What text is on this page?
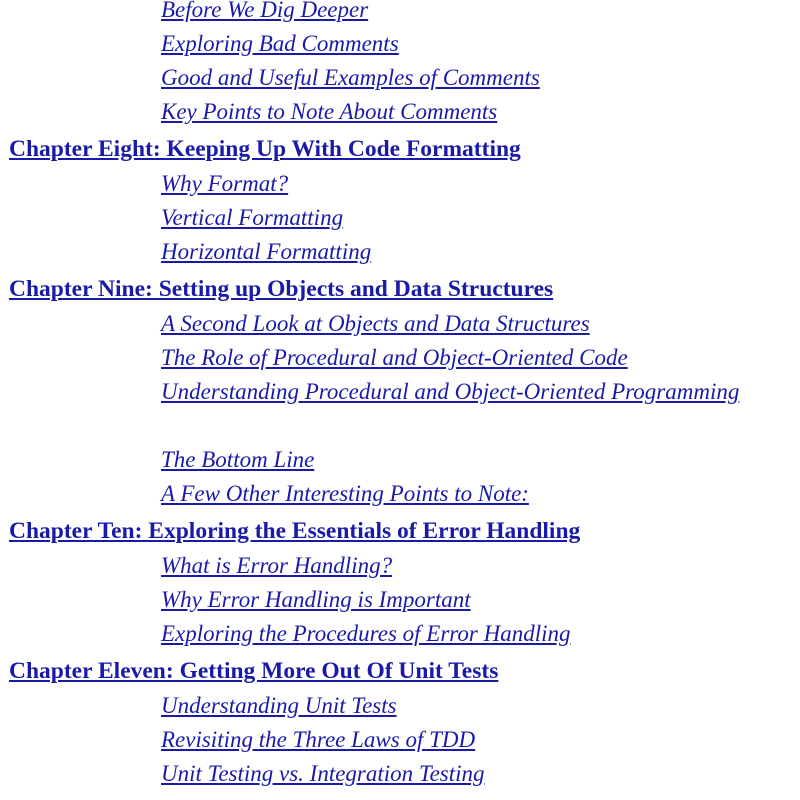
Before We Dig Deeper
Exploring Bad Comments
Good and Useful Examples of Comments
Key Points to Note About Comments
Chapter Eight: Keeping Up With Code Formatting
Why Format?
Vertical Formatting
Horizontal Formatting
Chapter Nine: Setting up Objects and Data Structures
A Second Look at Objects and Data Structures
The Role of Procedural and Object-Oriented Code
Understanding Procedural and Object-Oriented Programming
The Bottom Line
A Few Other Interesting Points to Note:
Chapter Ten: Exploring the Essentials of Error Handling
What is Error Handling?
Why Error Handling is Important
Exploring the Procedures of Error Handling
Chapter Eleven: Getting More Out Of Unit Tests
Understanding Unit Tests
Revisiting the Three Laws of TDD
Unit Testing vs. Integration Testing
